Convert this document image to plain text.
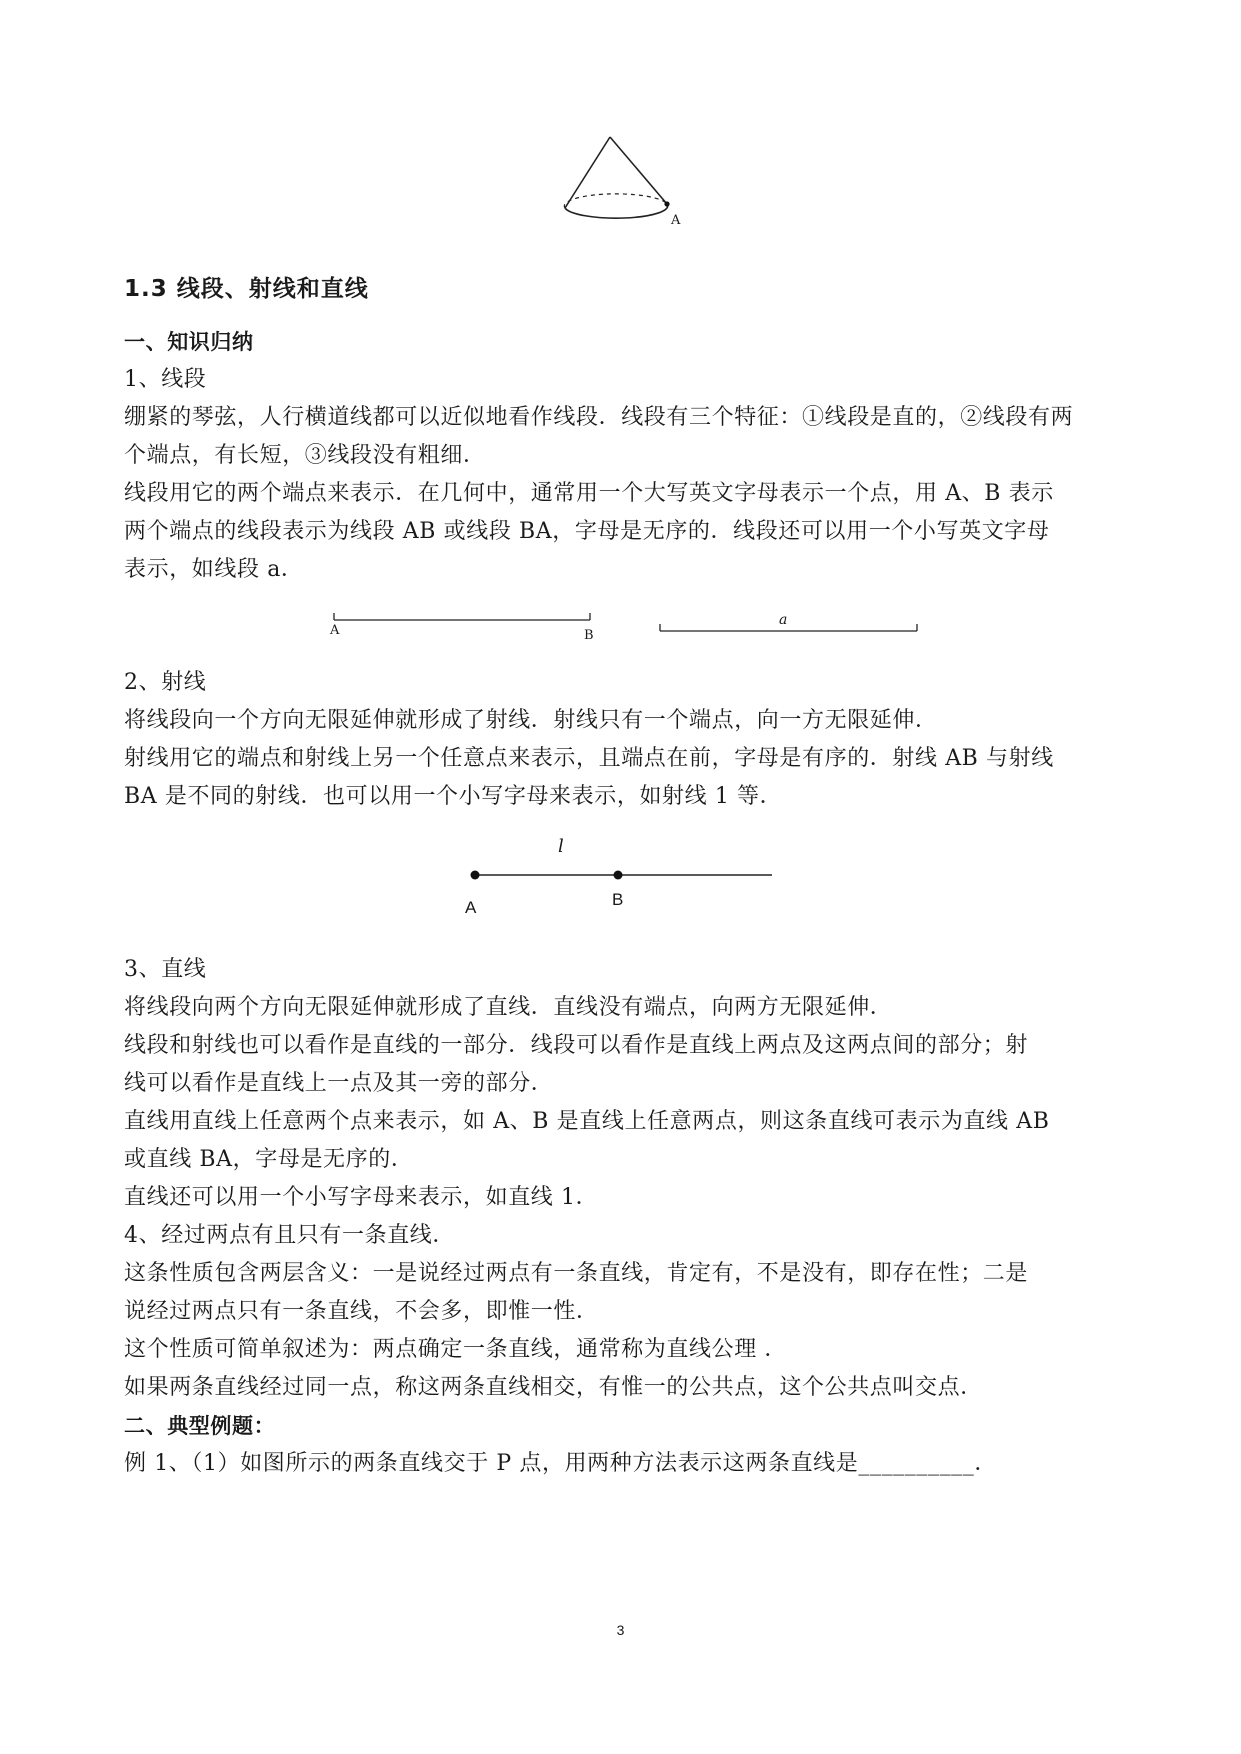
A
1.3 线段、射线和直线
一、知识归纳
1、线段
绷紧的琴弦，人行横道线都可以近似地看作线段．线段有三个特征：①线段是直的，②线段有两
个端点，有长短，③线段没有粗细．
线段用它的两个端点来表示．在几何中，通常用一个大写英文字母表示一个点，用 A、B 表示
两个端点的线段表示为线段 AB 或线段 BA，字母是无序的．线段还可以用一个小写英文字母
表示，如线段 a．
A	B
a
2、射线
将线段向一个方向无限延伸就形成了射线．射线只有一个端点，向一方无限延伸．
射线用它的端点和射线上另一个任意点来表示，且端点在前，字母是有序的．射线 AB 与射线
BA 是不同的射线．也可以用一个小写字母来表示，如射线 1 等．
l
A	B
3、直线
将线段向两个方向无限延伸就形成了直线．直线没有端点，向两方无限延伸．
线段和射线也可以看作是直线的一部分．线段可以看作是直线上两点及这两点间的部分；射
线可以看作是直线上一点及其一旁的部分．
直线用直线上任意两个点来表示，如 A、B 是直线上任意两点，则这条直线可表示为直线 AB
或直线 BA，字母是无序的．
直线还可以用一个小写字母来表示，如直线 1．
4、经过两点有且只有一条直线．
这条性质包含两层含义：一是说经过两点有一条直线，肯定有，不是没有，即存在性；二是
说经过两点只有一条直线，不会多，即惟一性．
这个性质可简单叙述为：两点确定一条直线，通常称为直线公理 ．
如果两条直线经过同一点，称这两条直线相交，有惟一的公共点，这个公共点叫交点．
二、典型例题：
例 1、（1）如图所示的两条直线交于 P 点，用两种方法表示这两条直线是__________．
3
